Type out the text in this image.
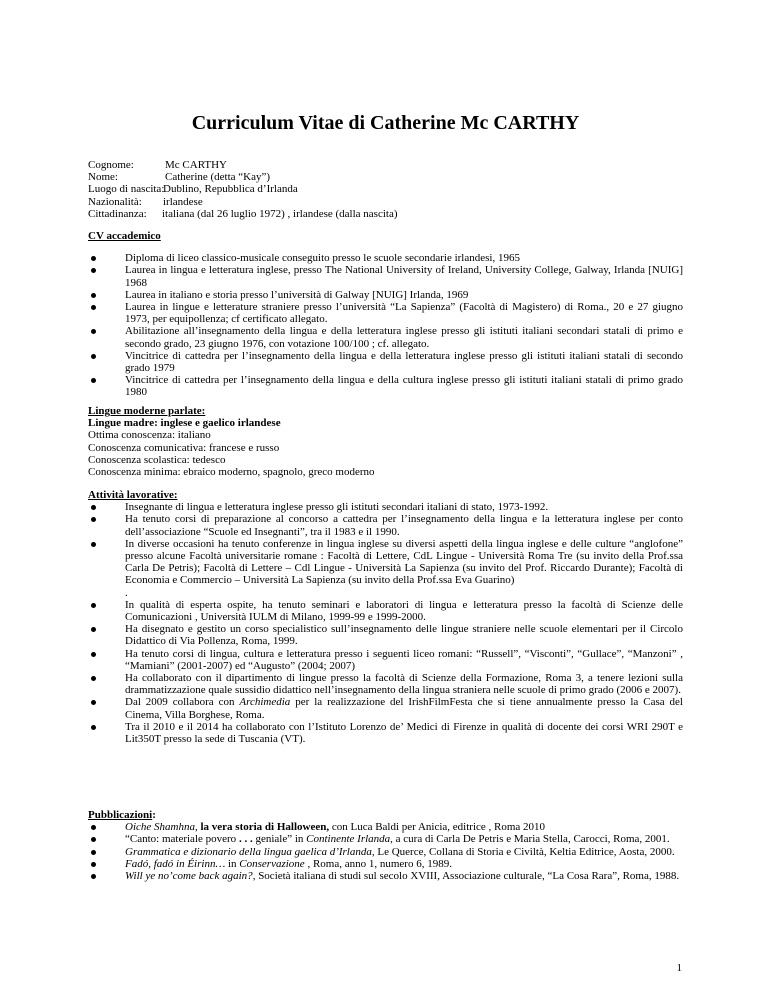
Curriculum Vitae di Catherine Mc CARTHY
Cognome:	Mc CARTHY
Nome:	Catherine (detta “Kay”)
Luogo di nascita:
Dublino, Repubblica d’Irlanda
Nazionalità:	irlandese
Cittadinanza:	italiana (dal 26 luglio 1972) , irlandese (dalla nascita)

CV accademico

Diploma di liceo classico-musicale conseguito presso le scuole secondarie irlandesi, 1965
Laurea in lingua e letteratura inglese, presso The National University of Ireland, University College, Galway, Irlanda [NUIG] 1968
Laurea in italiano e storia presso l’università di Galway [NUIG] Irlanda, 1969
Laurea in lingue e letterature straniere presso l’università “La Sapienza” (Facoltà di Magistero) di Roma., 20 e 27 giugno 1973, per equipollenza; cf certificato allegato.
Abilitazione all’insegnamento della lingua e della letteratura inglese presso gli istituti italiani secondari statali di primo e secondo grado, 23 giugno 1976, con votazione 100/100 ; cf. allegato.
Vincitrice di cattedra per l’insegnamento della lingua e della letteratura inglese presso gli istituti italiani statali di secondo grado 1979
Vincitrice di cattedra per l’insegnamento della lingua e della cultura inglese presso gli istituti italiani statali di primo grado 1980

Lingue moderne parlate:

Lingue madre: inglese e gaelico irlandese

Ottima conoscenza: italiano

Conoscenza comunicativa: francese e russo

Conoscenza scolastica: tedesco

Conoscenza minima: ebraico moderno, spagnolo, greco moderno

Attività lavorative:

Insegnante di lingua e letteratura inglese presso gli istituti secondari italiani di stato, 1973-1992.
Ha tenuto corsi di preparazione al concorso a cattedra per l’insegnamento della lingua e la letteratura inglese per conto dell’associazione “Scuole ed Insegnanti”, tra il 1983 e il 1990.
In diverse occasioni ha tenuto conferenze in lingua inglese su diversi aspetti della lingua inglese e delle culture “anglofone” presso alcune Facoltà universitarie romane : Facoltà di Lettere, CdL Lingue - Università Roma Tre (su invito della Prof.ssa Carla De Petris); Facoltà di Lettere – Cdl Lingue - Università La Sapienza (su invito del Prof. Riccardo Durante); Facoltà di Economia e Commercio – Università La Sapienza (su invito della Prof.ssa Eva Guarino)
.
In qualità di esperta ospite, ha tenuto seminari e laboratori di lingua e letteratura presso la facoltà di Scienze delle Comunicazioni , Università IULM di Milano, 1999-99 e 1999-2000.
Ha disegnato e gestito un corso specialistico sull’insegnamento delle lingue straniere nelle scuole elementari per il Circolo Didattico di Via Pollenza, Roma, 1999.
Ha tenuto corsi di lingua, cultura e letteratura presso i seguenti liceo romani: “Russell”, “Visconti”, “Gullace”, “Manzoni” , “Mamiani” (2001-2007) ed “Augusto” (2004; 2007)
Ha collaborato con il dipartimento di lingue presso la facoltà di Scienze della Formazione, Roma 3, a tenere lezioni sulla drammatizzazione quale sussidio didattico nell’insegnamento della lingua straniera nelle scuole di primo grado (2006 e 2007).
Dal 2009 collabora con Archimedia per la realizzazione del IrishFilmFesta che si tiene annualmente presso la Casa del Cinema, Villa Borghese, Roma.
Tra il 2010 e il 2014 ha collaborato con l’Istituto Lorenzo de’ Medici di Firenze in qualità di docente dei corsi WRI 290T e Lit350T presso la sede di Tuscania (VT).

Pubblicazioni:

Oiche Shamhna, la vera storia di Halloween, con Luca Baldi per Anicia, editrice , Roma 2010
“Canto: materiale povero . . . geniale” in Continente Irlanda, a cura di Carla De Petris e Maria Stella, Carocci, Roma, 2001.
Grammatica e dizionario della lingua gaelica d’Irlanda, Le Querce, Collana di Storia e Civiltà, Keltia Editrice, Aosta, 2000.
Fadó, fadó in Éirinn… in Conservazione , Roma, anno 1, numero 6, 1989.
Will ye no’come back again?, Società italiana di studi sul secolo XVIII, Associazione culturale, “La Cosa Rara”, Roma, 1988.
1
